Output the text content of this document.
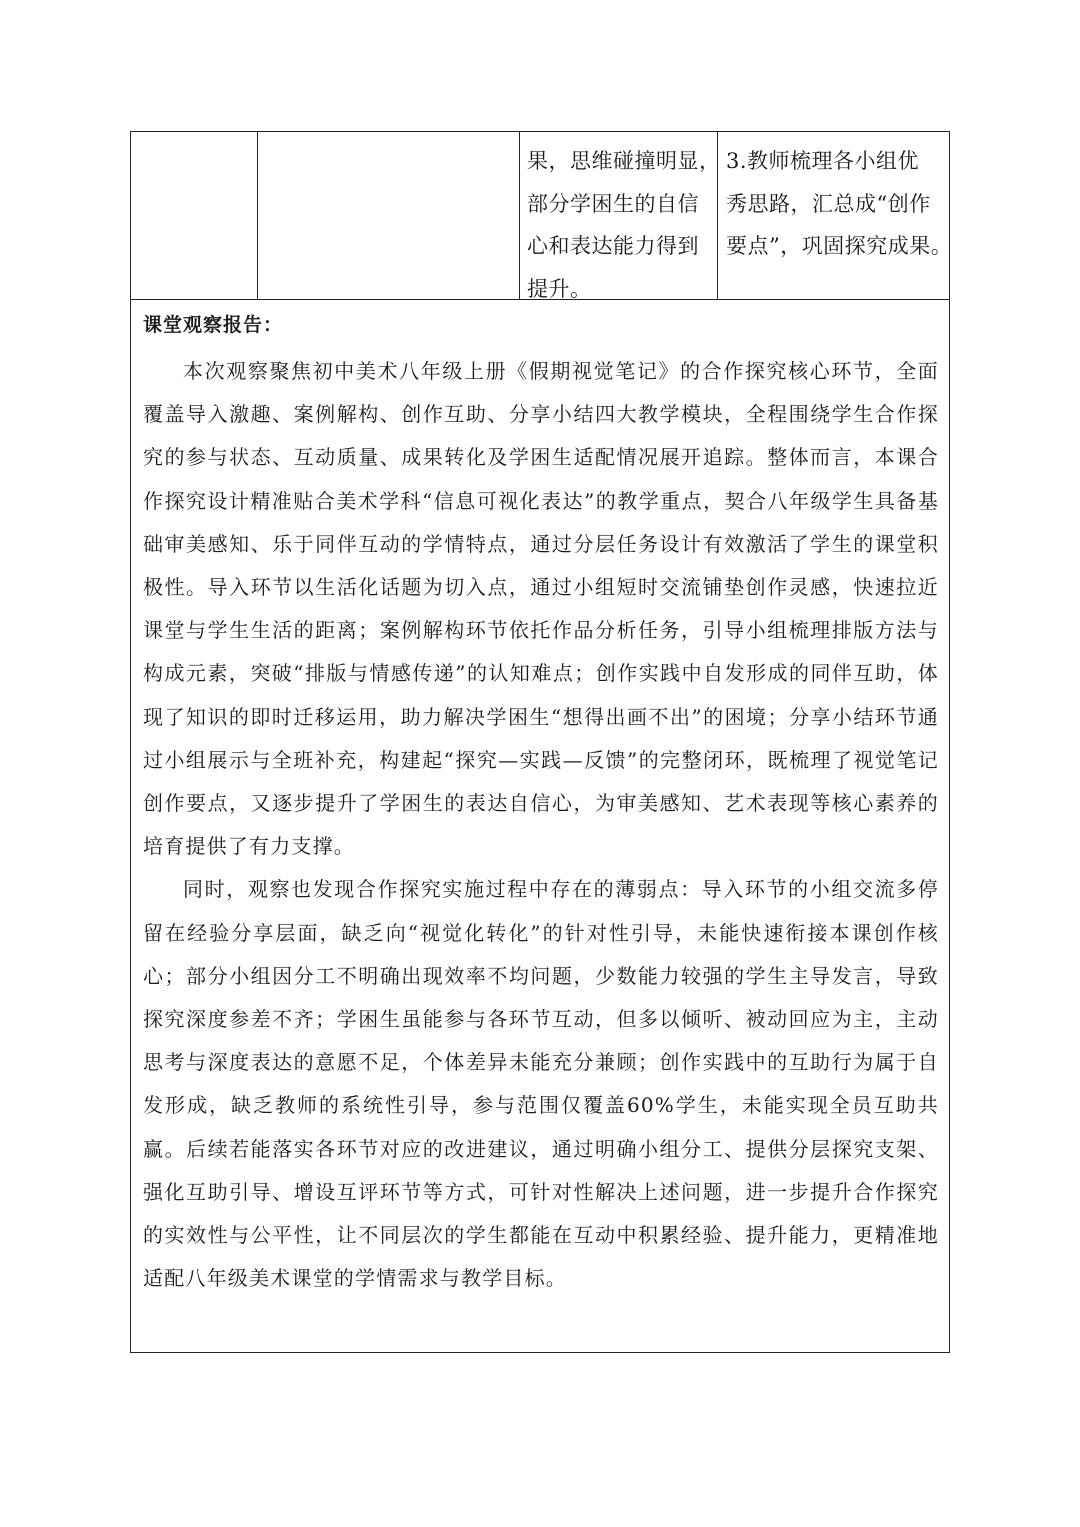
果，思维碰撞明显，
部分学困生的自信
心和表达能力得到
提升。
3.教师梳理各小组优
秀思路，汇总成“创作
要点”，巩固探究成果。
课堂观察报告：

本次观察聚焦初中美术八年级上册《假期视觉笔记》的合作探究核心环节，全面覆盖导入激趣、案例解构、创作互助、分享小结四大教学模块，全程围绕学生合作探究的参与状态、互动质量、成果转化及学困生适配情况展开追踪。整体而言，本课合作探究设计精准贴合美术学科“信息可视化表达”的教学重点，契合八年级学生具备基础审美感知、乐于同伴互动的学情特点，通过分层任务设计有效激活了学生的课堂积极性。导入环节以生活化话题为切入点，通过小组短时交流铺垫创作灵感，快速拉近课堂与学生生活的距离；案例解构环节依托作品分析任务，引导小组梳理排版方法与构成元素，突破“排版与情感传递”的认知难点；创作实践中自发形成的同伴互助，体现了知识的即时迁移运用，助力解决学困生“想得出画不出”的困境；分享小结环节通过小组展示与全班补充，构建起“探究—实践—反馈”的完整闭环，既梳理了视觉笔记创作要点，又逐步提升了学困生的表达自信心，为审美感知、艺术表现等核心素养的培育提供了有力支撑。

同时，观察也发现合作探究实施过程中存在的薄弱点：导入环节的小组交流多停留在经验分享层面，缺乏向“视觉化转化”的针对性引导，未能快速衔接本课创作核心；部分小组因分工不明确出现效率不均问题，少数能力较强的学生主导发言，导致探究深度参差不齐；学困生虽能参与各环节互动，但多以倾听、被动回应为主，主动思考与深度表达的意愿不足，个体差异未能充分兼顾；创作实践中的互助行为属于自发形成，缺乏教师的系统性引导，参与范围仅覆盖60%学生，未能实现全员互助共赢。后续若能落实各环节对应的改进建议，通过明确小组分工、提供分层探究支架、强化互助引导、增设互评环节等方式，可针对性解决上述问题，进一步提升合作探究的实效性与公平性，让不同层次的学生都能在互动中积累经验、提升能力，更精准地适配八年级美术课堂的学情需求与教学目标。
